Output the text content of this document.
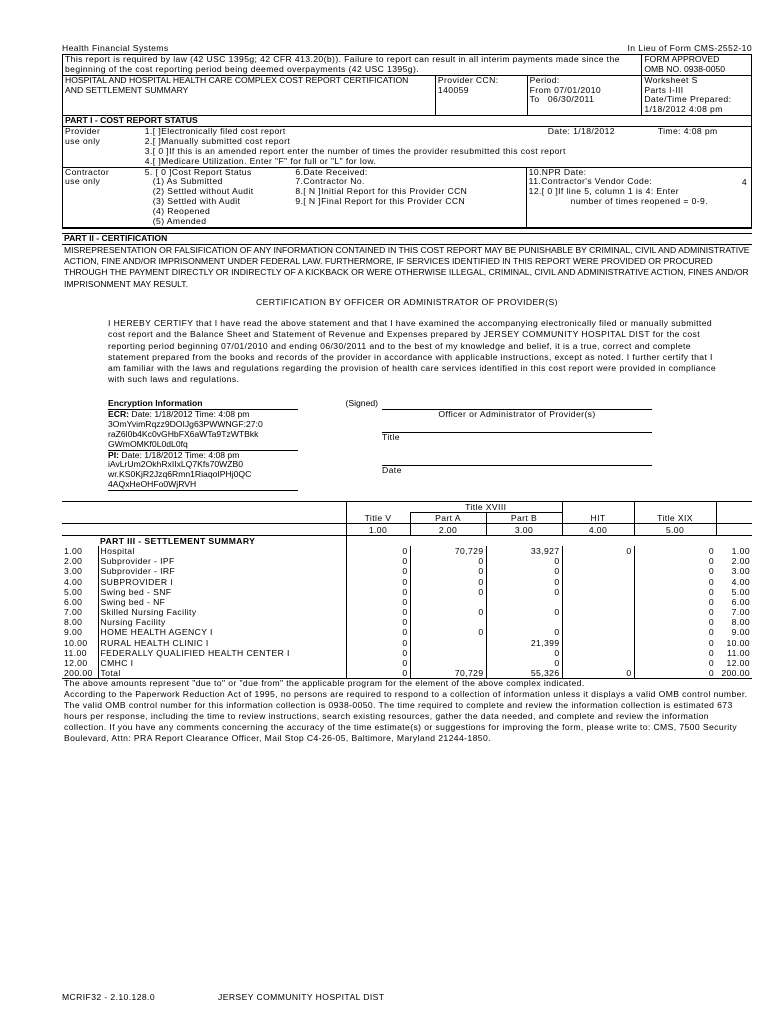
Health Financial Systems	In Lieu of Form CMS-2552-10
This report is required by law (42 USC 1395g; 42 CFR 413.20(b)). Failure to report can result in all interim payments made since the beginning of the cost reporting period being deemed overpayments (42 USC 1395g).
FORM APPROVED
OMB NO. 0938-0050
HOSPITAL AND HOSPITAL HEALTH CARE COMPLEX COST REPORT CERTIFICATION
AND SETTLEMENT SUMMARY
Provider CCN: 140059
Period:
From 07/01/2010
To   06/30/2011
Worksheet S
Parts I-III
Date/Time Prepared:
1/18/2012 4:08 pm
PART I - COST REPORT STATUS
Provider
use only
1.[ ]Electronically filed cost report
2.[ ]Manually submitted cost report
3.[ 0 ]If this is an amended report enter the number of times the provider resubmitted this cost report
4.[ ]Medicare Utilization. Enter "F" for full or "L" for low.
Date: 1/18/2012	Time: 4:08 pm
Contractor
use only
5. [ 0 ]Cost Report Status
(1) As Submitted
(2) Settled without Audit
(3) Settled with Audit
(4) Reopened
(5) Amended
6.Date Received:
7.Contractor No.
8.[ N ]Initial Report for this Provider CCN
9.[ N ]Final Report for this Provider CCN
10.NPR Date:
11.Contractor's Vendor Code:
12.[ 0 ]If line 5, column 1 is 4: Enter
number of times reopened = 0-9.
4
PART II - CERTIFICATION
MISREPRESENTATION OR FALSIFICATION OF ANY INFORMATION CONTAINED IN THIS COST REPORT MAY BE PUNISHABLE BY CRIMINAL, CIVIL AND ADMINISTRATIVE ACTION, FINE AND/OR IMPRISONMENT UNDER FEDERAL LAW. FURTHERMORE, IF SERVICES IDENTIFIED IN THIS REPORT WERE PROVIDED OR PROCURED THROUGH THE PAYMENT DIRECTLY OR INDIRECTLY OF A KICKBACK OR WERE OTHERWISE ILLEGAL, CRIMINAL, CIVIL AND ADMINISTRATIVE ACTION, FINES AND/OR IMPRISONMENT MAY RESULT.
CERTIFICATION BY OFFICER OR ADMINISTRATOR OF PROVIDER(S)
I HEREBY CERTIFY that I have read the above statement and that I have examined the accompanying electronically filed or manually submitted cost report and the Balance Sheet and Statement of Revenue and Expenses prepared by JERSEY COMMUNITY HOSPITAL DIST for the cost reporting period beginning 07/01/2010 and ending 06/30/2011 and to the best of my knowledge and belief, it is a true, correct and complete statement prepared from the books and records of the provider in accordance with applicable instructions, except as noted. I further certify that I am familiar with the laws and regulations regarding the provision of health care services identified in this cost report were provided in compliance with such laws and regulations.
Encryption Information
ECR: Date: 1/18/2012 Time: 4:08 pm
3OmYvimRqzz9DOIJg63PWWNGF:27:0
raZ6l0b4Kc0vGHbFX6aWTa9TzWTBkk
GWmOMKf0L0dL0fq
PI: Date: 1/18/2012 Time: 4:08 pm
iAvLrUm2OkhRxIIxLQ7Kfs70WZB0
wr.KS0KjR2Jzq6Rmn1RiaqoIPHj0QC
4AQxHeOHFo0WjRVH
(Signed)
Officer or Administrator of Provider(s)
Title
Date
			Title XVIII				
		Title V	Part A	Part B	HIT	Title XIX	
		1.00	2.00	3.00	4.00	5.00	
	PART III - SETTLEMENT SUMMARY						
1.00	Hospital	0	70,729	33,927	0	0	1.00
2.00	Subprovider - IPF	0	0	0		0	2.00
3.00	Subprovider - IRF	0	0	0		0	3.00
4.00	SUBPROVIDER I	0	0	0		0	4.00
5.00	Swing bed - SNF	0	0	0		0	5.00
6.00	Swing bed - NF	0				0	6.00
7.00	Skilled Nursing Facility	0	0	0		0	7.00
8.00	Nursing Facility	0				0	8.00
9.00	HOME HEALTH AGENCY I	0	0	0		0	9.00
10.00	RURAL HEALTH CLINIC I	0		21,399		0	10.00
11.00	FEDERALLY QUALIFIED HEALTH CENTER I	0		0		0	11.00
12.00	CMHC I	0		0		0	12.00
200.00	Total	0	70,729	55,326	0	0	200.00
The above amounts represent "due to" or "due from" the applicable program for the element of the above complex indicated.
According to the Paperwork Reduction Act of 1995, no persons are required to respond to a collection of information unless it displays a valid OMB control number. The valid OMB control number for this information collection is 0938-0050. The time required to complete and review the information collection is estimated 673 hours per response, including the time to review instructions, search existing resources, gather the data needed, and complete and review the information collection. If you have any comments concerning the accuracy of the time estimate(s) or suggestions for improving the form, please write to: CMS, 7500 Security Boulevard, Attn: PRA Report Clearance Officer, Mail Stop C4-26-05, Baltimore, Maryland 21244-1850.
MCRIF32 - 2.10.128.0	JERSEY COMMUNITY HOSPITAL DIST
